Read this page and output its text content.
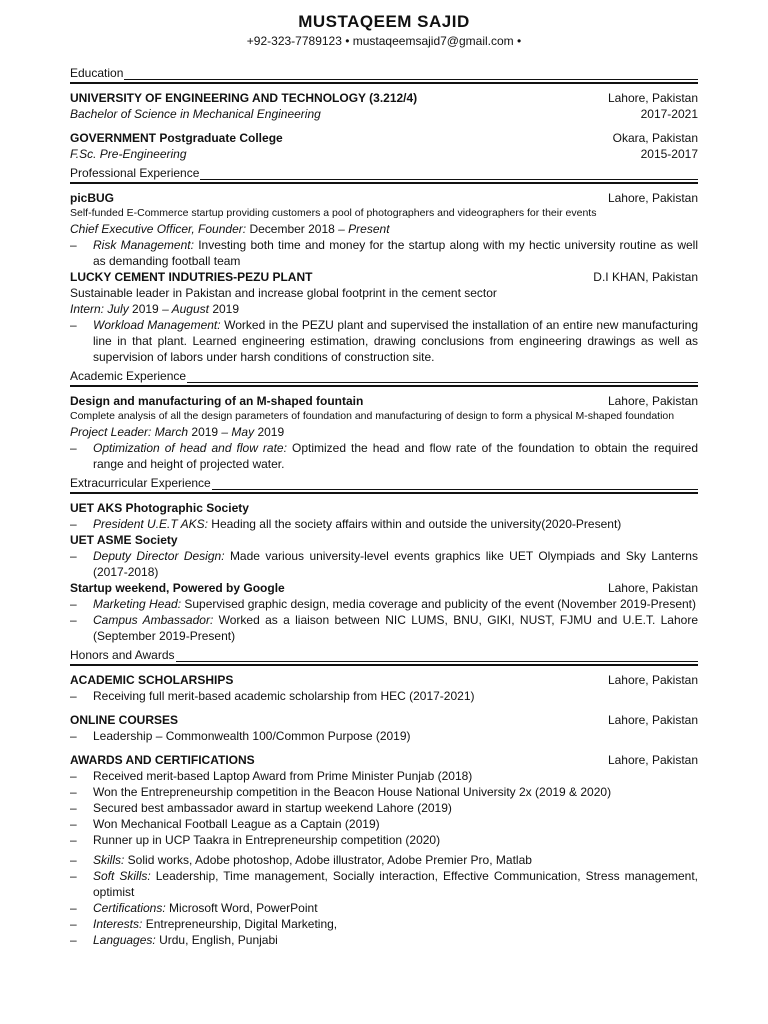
MUSTAQEEM SAJID
+92-323-7789123 • mustaqeemsajid7@gmail.com •
Education
UNIVERSITY OF ENGINEERING AND TECHNOLOGY (3.212/4)	Lahore, Pakistan
Bachelor of Science in Mechanical Engineering	2017-2021
GOVERNMENT Postgraduate College	Okara, Pakistan
F.Sc. Pre-Engineering	2015-2017
Professional Experience
picBUG	Lahore, Pakistan
Self-funded E-Commerce startup providing customers a pool of photographers and videographers for their events
Chief Executive Officer, Founder: December 2018 – Present
– Risk Management: Investing both time and money for the startup along with my hectic university routine as well as demanding football team
LUCKY CEMENT INDUTRIES-PEZU PLANT	D.I KHAN, Pakistan
Sustainable leader in Pakistan and increase global footprint in the cement sector
Intern: July 2019 – August 2019
– Workload Management: Worked in the PEZU plant and supervised the installation of an entire new manufacturing line in that plant. Learned engineering estimation, drawing conclusions from engineering drawings as well as supervision of labors under harsh conditions of construction site.
Academic Experience
Design and manufacturing of an M-shaped fountain	Lahore, Pakistan
Complete analysis of all the design parameters of foundation and manufacturing of design to form a physical M-shaped foundation
Project Leader: March 2019 – May 2019
– Optimization of head and flow rate: Optimized the head and flow rate of the foundation to obtain the required range and height of projected water.
Extracurricular Experience
UET AKS Photographic Society
– President U.E.T AKS: Heading all the society affairs within and outside the university(2020-Present)
UET ASME Society
– Deputy Director Design: Made various university-level events graphics like UET Olympiads and Sky Lanterns (2017-2018)
Startup weekend, Powered by Google	Lahore, Pakistan
– Marketing Head: Supervised graphic design, media coverage and publicity of the event (November 2019-Present)
– Campus Ambassador: Worked as a liaison between NIC LUMS, BNU, GIKI, NUST, FJMU and U.E.T. Lahore (September 2019-Present)
Honors and Awards
ACADEMIC SCHOLARSHIPS	Lahore, Pakistan
– Receiving full merit-based academic scholarship from HEC (2017-2021)
ONLINE COURSES	Lahore, Pakistan
– Leadership – Commonwealth 100/Common Purpose (2019)
AWARDS AND CERTIFICATIONS	Lahore, Pakistan
– Received merit-based Laptop Award from Prime Minister Punjab (2018)
– Won the Entrepreneurship competition in the Beacon House National University 2x (2019 & 2020)
– Secured best ambassador award in startup weekend Lahore (2019)
– Won Mechanical Football League as a Captain (2019)
– Runner up in UCP Taakra in Entrepreneurship competition (2020)
– Skills: Solid works, Adobe photoshop, Adobe illustrator, Adobe Premier Pro, Matlab
– Soft Skills: Leadership, Time management, Socially interaction, Effective Communication, Stress management, optimist
– Certifications: Microsoft Word, PowerPoint
– Interests: Entrepreneurship, Digital Marketing,
– Languages: Urdu, English, Punjabi
